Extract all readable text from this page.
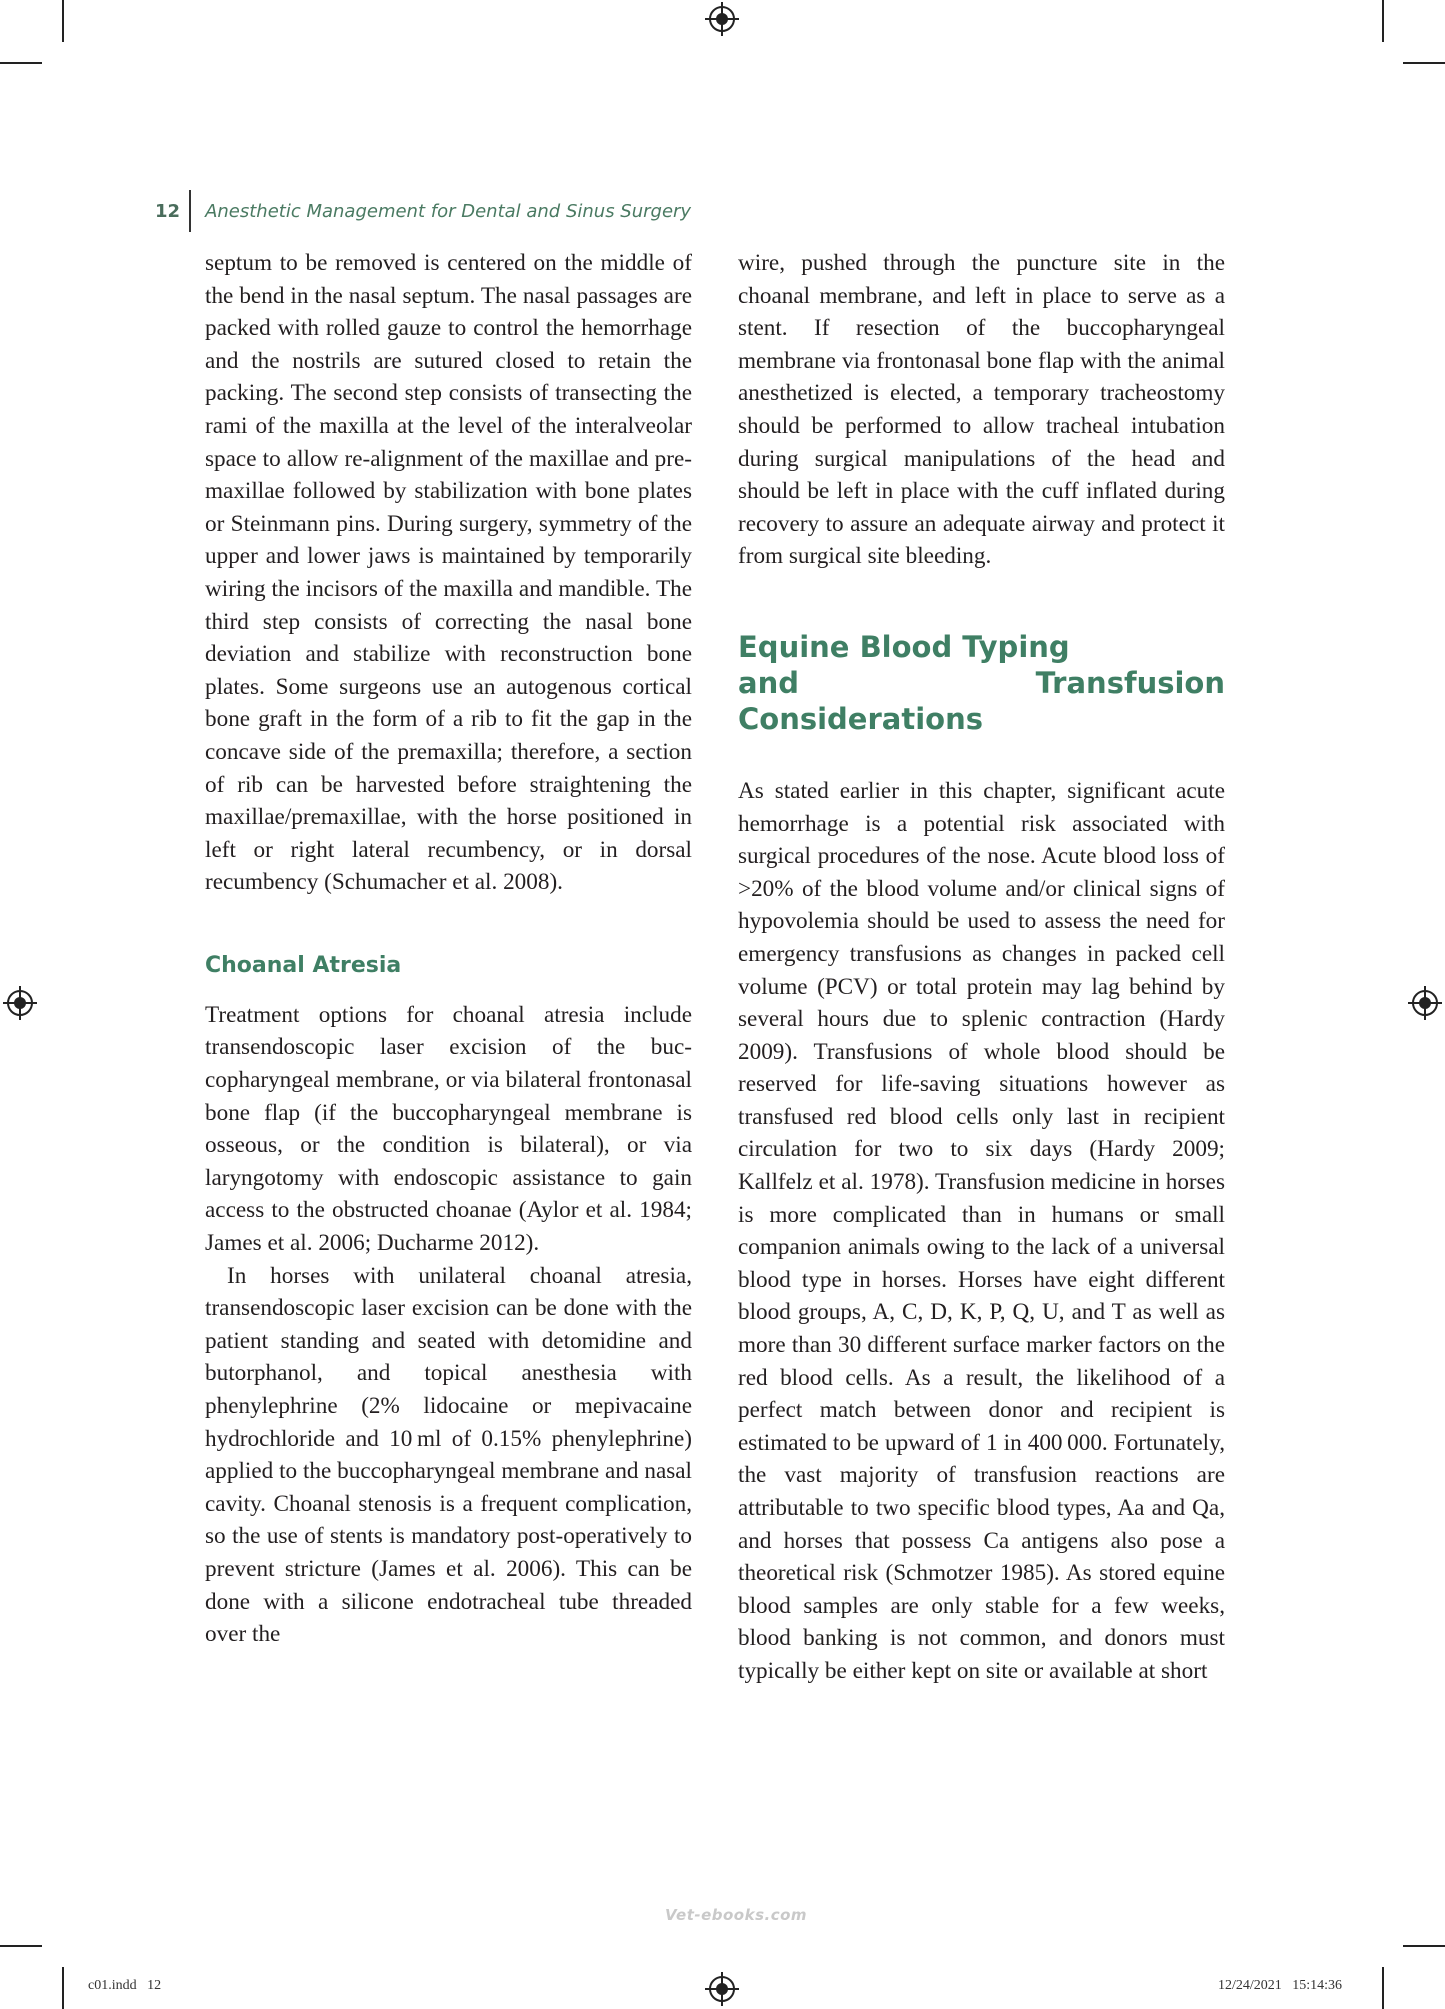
12 Anesthetic Management for Dental and Sinus Surgery

septum to be removed is centered on the middle of the bend in the nasal septum. The nasal passages are packed with rolled gauze to control the hemorrhage and the nostrils are sutured closed to retain the packing. The second step consists of transecting the rami of the maxilla at the level of the interalveolar space to allow re-alignment of the maxillae and premaxillae followed by stabilization with bone plates or Steinmann pins. During surgery, symmetry of the upper and lower jaws is maintained by temporarily wiring the incisors of the maxilla and mandible. The third step consists of correcting the nasal bone deviation and stabilize with reconstruction bone plates. Some surgeons use an autogenous cortical bone graft in the form of a rib to fit the gap in the concave side of the premaxilla; therefore, a section of rib can be harvested before straightening the maxillae/premaxillae, with the horse positioned in left or right lateral recumbency, or in dorsal recumbency (Schumacher et al. 2008).

Choanal Atresia

Treatment options for choanal atresia include transendoscopic laser excision of the buccopharyngeal membrane, or via bilateral frontonasal bone flap (if the buccopharyngeal membrane is osseous, or the condition is bilateral), or via laryngotomy with endoscopic assistance to gain access to the obstructed choanae (Aylor et al. 1984; James et al. 2006; Ducharme 2012).

In horses with unilateral choanal atresia, transendoscopic laser excision can be done with the patient standing and seated with detomidine and butorphanol, and topical anesthesia with phenylephrine (2% lidocaine or mepivacaine hydrochloride and 10 ml of 0.15% phenylephrine) applied to the buccopharyngeal membrane and nasal cavity. Choanal stenosis is a frequent complication, so the use of stents is mandatory post-operatively to prevent stricture (James et al. 2006). This can be done with a silicone endotracheal tube threaded over the

wire, pushed through the puncture site in the choanal membrane, and left in place to serve as a stent. If resection of the buccopharyngeal membrane via frontonasal bone flap with the animal anesthetized is elected, a temporary tracheostomy should be performed to allow tracheal intubation during surgical manipulations of the head and should be left in place with the cuff inflated during recovery to assure an adequate airway and protect it from surgical site bleeding.

Equine Blood Typing
and Transfusion Considerations

As stated earlier in this chapter, significant acute hemorrhage is a potential risk associated with surgical procedures of the nose. Acute blood loss of >20% of the blood volume and/or clinical signs of hypovolemia should be used to assess the need for emergency transfusions as changes in packed cell volume (PCV) or total protein may lag behind by several hours due to splenic contraction (Hardy 2009). Transfusions of whole blood should be reserved for life-saving situations however as transfused red blood cells only last in recipient circulation for two to six days (Hardy 2009; Kallfelz et al. 1978). Transfusion medicine in horses is more complicated than in humans or small companion animals owing to the lack of a universal blood type in horses. Horses have eight different blood groups, A, C, D, K, P, Q, U, and T as well as more than 30 different surface marker factors on the red blood cells. As a result, the likelihood of a perfect match between donor and recipient is estimated to be upward of 1 in 400 000. Fortunately, the vast majority of transfusion reactions are attributable to two specific blood types, Aa and Qa, and horses that possess Ca antigens also pose a theoretical risk (Schmotzer 1985). As stored equine blood samples are only stable for a few weeks, blood banking is not common, and donors must typically be either kept on site or available at short

Vet-ebooks.com
c01.indd   12	12/24/2021   15:14:36
